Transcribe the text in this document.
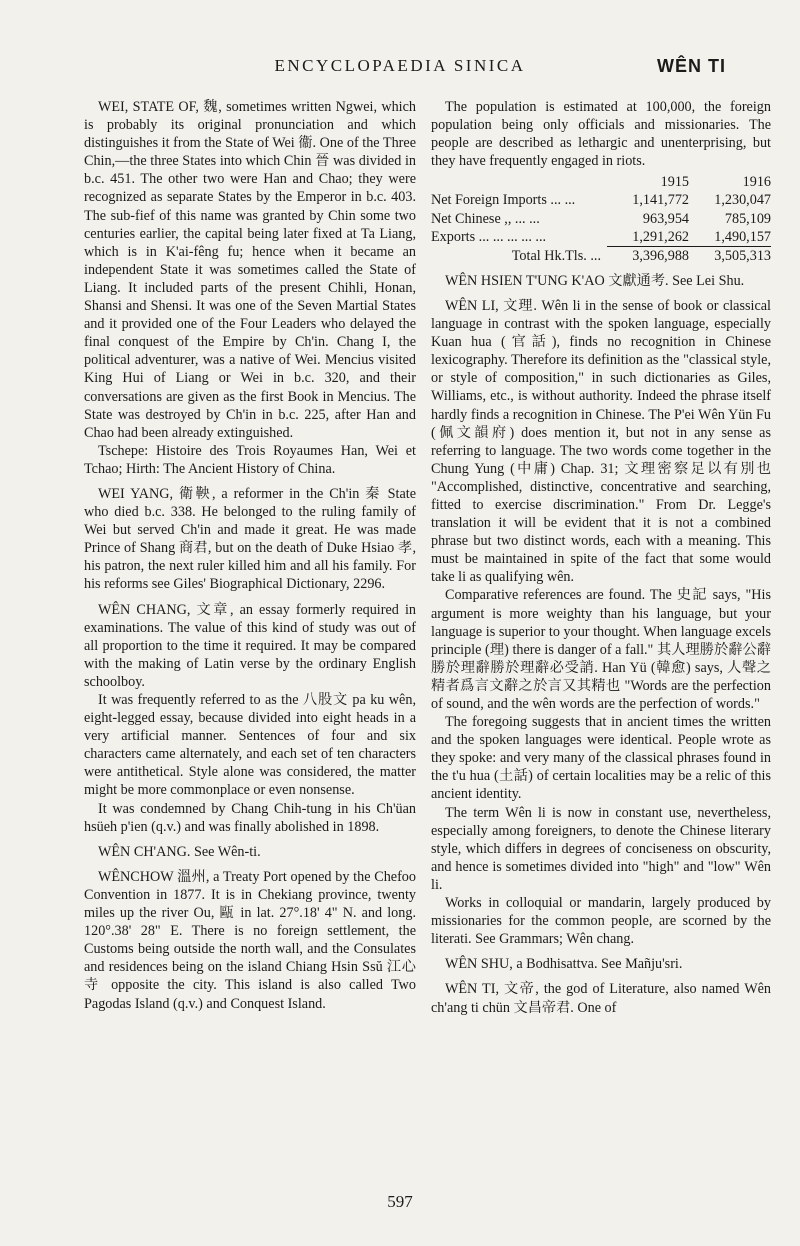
ENCYCLOPAEDIA SINICA	WÊN TI

WEI, STATE OF, 魏, sometimes written Ngwei, which is probably its original pronunciation and which distinguishes it from the State of Wei 衞. One of the Three Chin,—the three States into which Chin 晉 was divided in b.c. 451. The other two were Han and Chao; they were recognized as separate States by the Emperor in b.c. 403. The sub-fief of this name was granted by Chin some two centuries earlier, the capital being later fixed at Ta Liang, which is in K'ai-fêng fu; hence when it became an independent State it was sometimes called the State of Liang. It included parts of the present Chihli, Honan, Shansi and Shensi. It was one of the Seven Martial States and it provided one of the Four Leaders who delayed the final conquest of the Empire by Ch'in. Chang I, the political adventurer, was a native of Wei. Mencius visited King Hui of Liang or Wei in b.c. 320, and their conversations are given as the first Book in Mencius. The State was destroyed by Ch'in in b.c. 225, after Han and Chao had been already extinguished.

Tschepe: Histoire des Trois Royaumes Han, Wei et Tchao; Hirth: The Ancient History of China.

WEI YANG, 衛鞅, a reformer in the Ch'in 秦 State who died b.c. 338. He belonged to the ruling family of Wei but served Ch'in and made it great. He was made Prince of Shang 商君, but on the death of Duke Hsiao 孝, his patron, the next ruler killed him and all his family. For his reforms see Giles' Biographical Dictionary, 2296.

WÊN CHANG, 文章, an essay formerly required in examinations. The value of this kind of study was out of all proportion to the time it required. It may be compared with the making of Latin verse by the ordinary English schoolboy.

It was frequently referred to as the 八股文 pa ku wên, eight-legged essay, because divided into eight heads in a very artificial manner. Sentences of four and six characters came alternately, and each set of ten characters were antithetical. Style alone was considered, the matter might be more commonplace or even nonsense.

It was condemned by Chang Chih-tung in his Ch'üan hsüeh p'ien (q.v.) and was finally abolished in 1898.

WÊN CH'ANG. See Wên-ti.

WÊNCHOW 溫州, a Treaty Port opened by the Chefoo Convention in 1877. It is in Chekiang province, twenty miles up the river Ou, 甌 in lat. 27°.18' 4" N. and long. 120°.38' 28" E. There is no foreign settlement, the Customs being outside the north wall, and the Consulates and residences being on the island Chiang Hsin Ssŭ 江心寺 opposite the city. This island is also called Two Pagodas Island (q.v.) and Conquest Island.

The population is estimated at 100,000, the foreign population being only officials and missionaries. The people are described as lethargic and unenterprising, but they have frequently engaged in riots.

	1915	1916
Net Foreign Imports ... ...	1,141,772	1,230,047
Net Chinese ,, ... ...	963,954	785,109
Exports ... ... ... ... ...	1,291,262	1,490,157
Total Hk.Tls. ...	3,396,988	3,505,313

WÊN HSIEN T'UNG K'AO 文獻通考. See Lei Shu.

WÊN LI, 文理. Wên li in the sense of book or classical language in contrast with the spoken language, especially Kuan hua (官話), finds no recognition in Chinese lexicography. Therefore its definition as the "classical style, or style of composition," in such dictionaries as Giles, Williams, etc., is without authority. Indeed the phrase itself hardly finds a recognition in Chinese. The P'ei Wên Yün Fu (佩文韻府) does mention it, but not in any sense as referring to language. The two words come together in the Chung Yung (中庸) Chap. 31; 文理密察足以有別也 "Accomplished, distinctive, concentrative and searching, fitted to exercise discrimination." From Dr. Legge's translation it will be evident that it is not a combined phrase but two distinct words, each with a meaning. This must be maintained in spite of the fact that some would take li as qualifying wên.

Comparative references are found. The 史記 says, "His argument is more weighty than his language, but your language is superior to your thought. When language excels principle (理) there is danger of a fall." 其人理勝於辭公辭勝於理辭勝於理辭必受誚. Han Yü (韓愈) says, 人聲之精者爲言文辭之於言又其精也 "Words are the perfection of sound, and the wên words are the perfection of words."

The foregoing suggests that in ancient times the written and the spoken languages were identical. People wrote as they spoke: and very many of the classical phrases found in the t'u hua (土話) of certain localities may be a relic of this ancient identity.

The term Wên li is now in constant use, nevertheless, especially among foreigners, to denote the Chinese literary style, which differs in degrees of conciseness on obscurity, and hence is sometimes divided into "high" and "low" Wên li.

Works in colloquial or mandarin, largely produced by missionaries for the common people, are scorned by the literati. See Grammars; Wên chang.

WÊN SHU, a Bodhisattva. See Mañju'sri.

WÊN TI, 文帝, the god of Literature, also named Wên ch'ang ti chün 文昌帝君. One of

597
